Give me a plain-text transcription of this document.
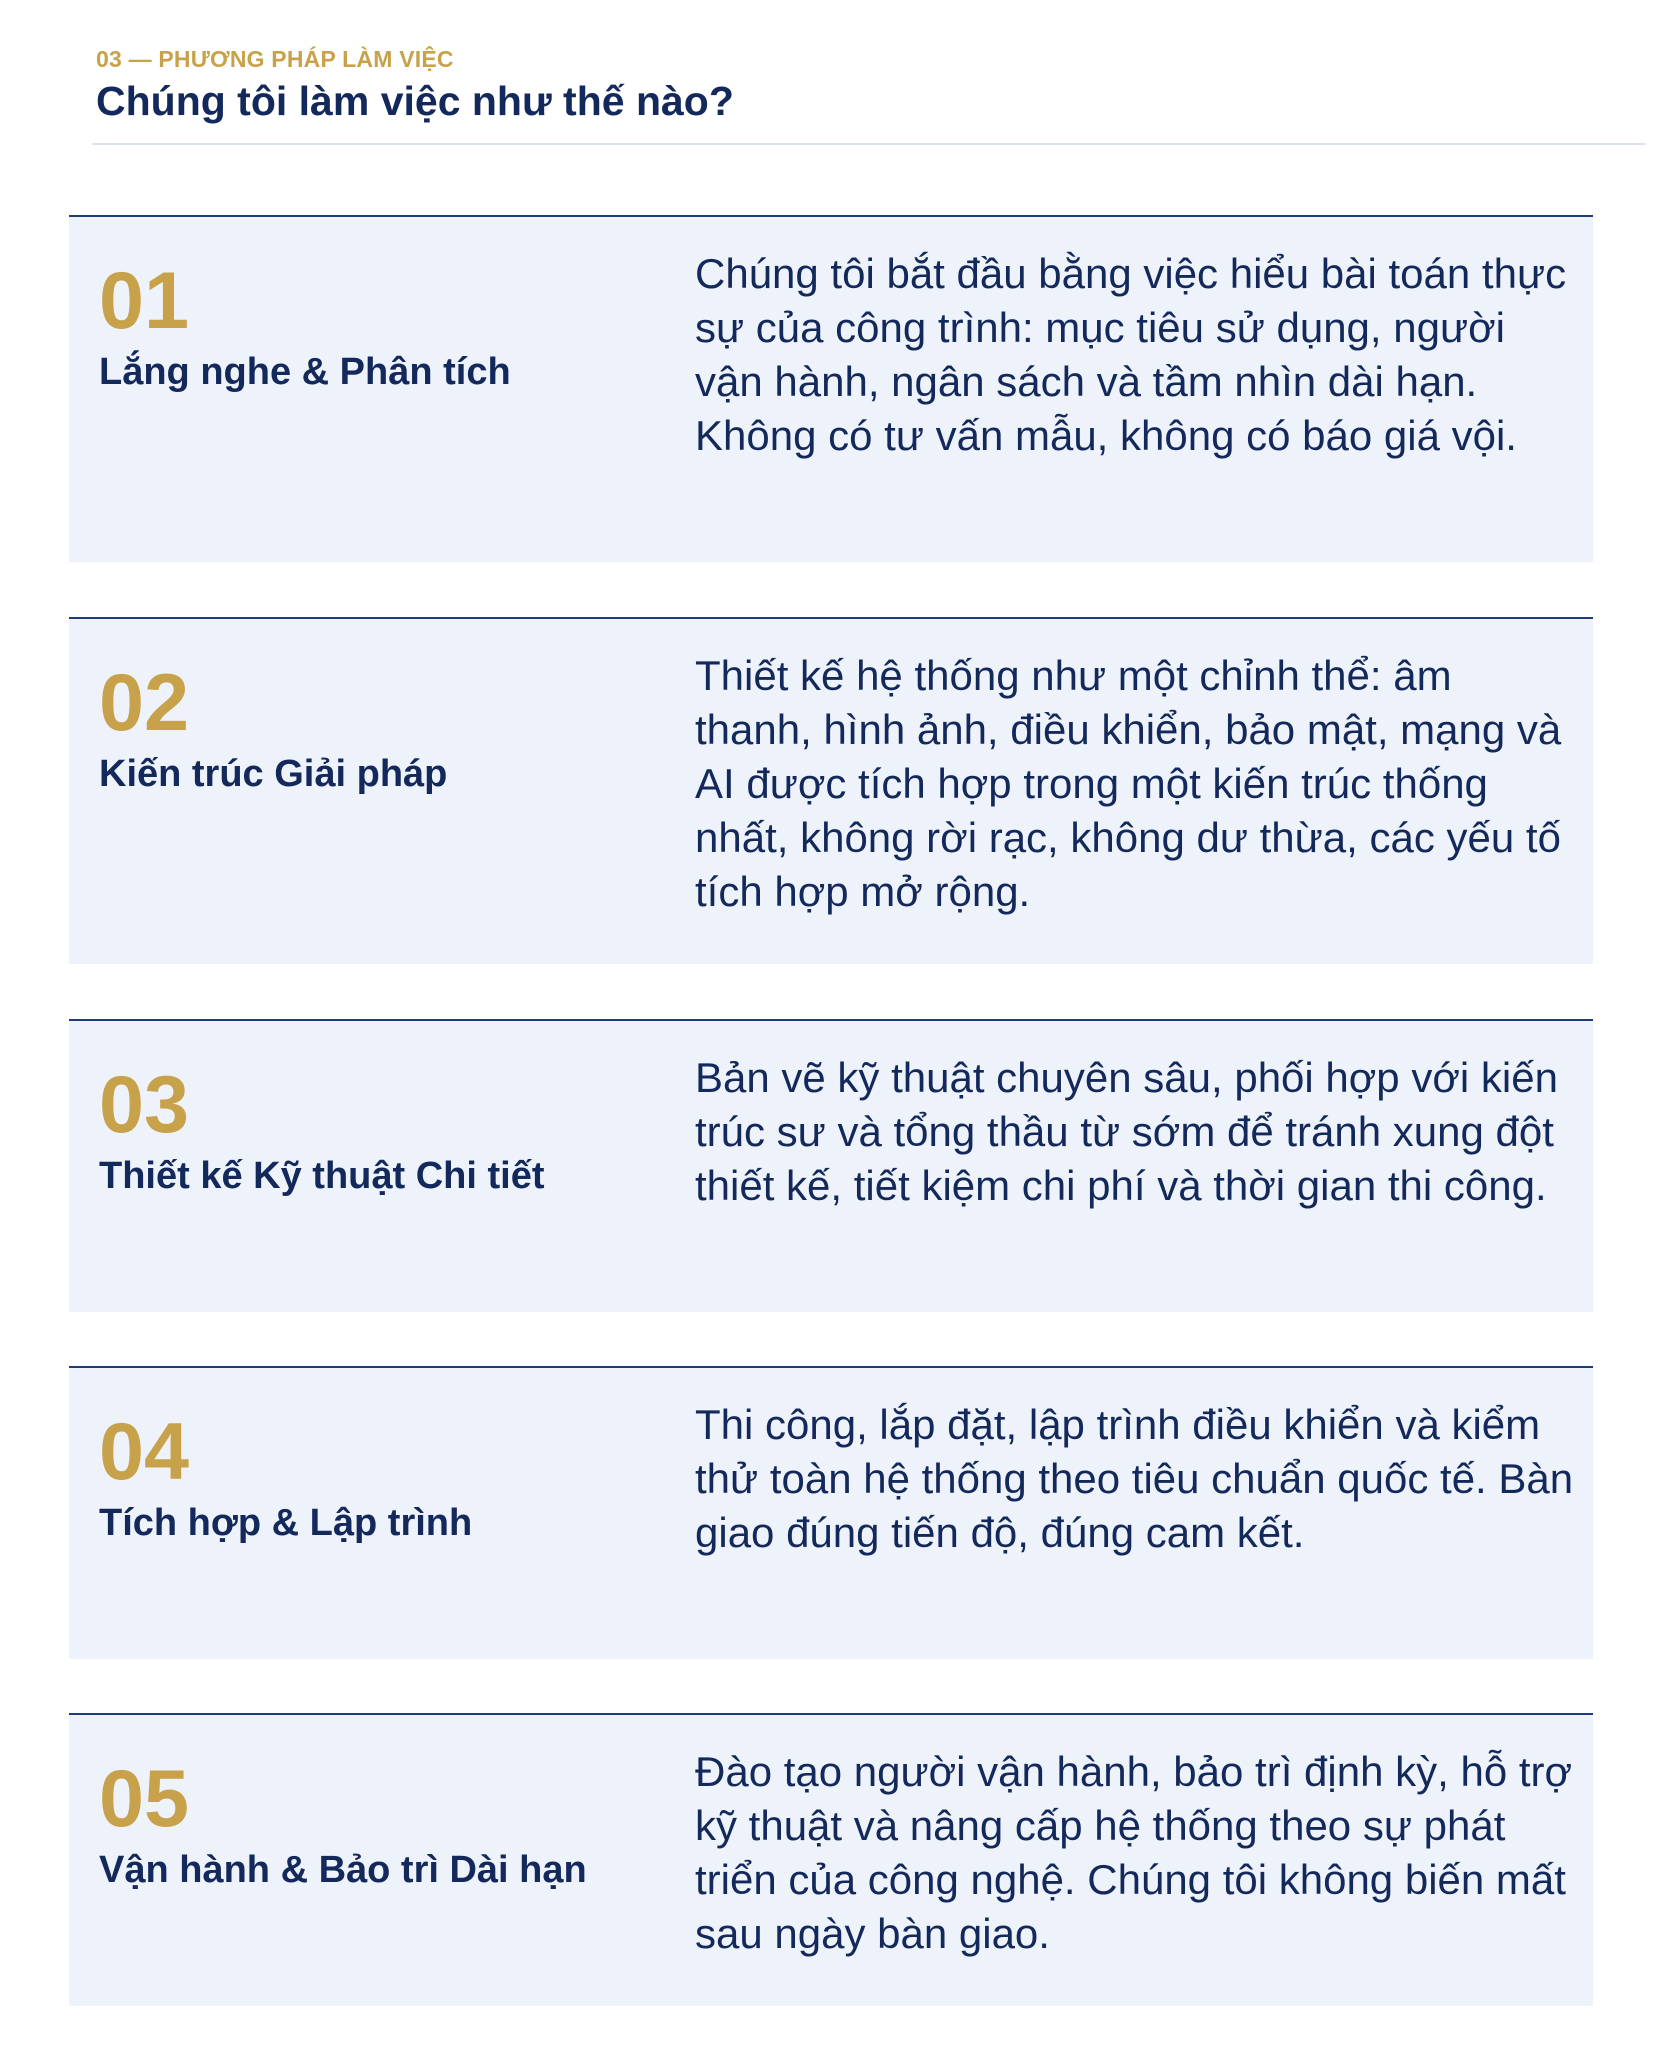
03 — PHƯƠNG PHÁP LÀM VIỆC
Chúng tôi làm việc như thế nào?
01
Lắng nghe & Phân tích
Chúng tôi bắt đầu bằng việc hiểu bài toán thực sự của công trình: mục tiêu sử dụng, người vận hành, ngân sách và tầm nhìn dài hạn. Không có tư vấn mẫu, không có báo giá vội.
02
Kiến trúc Giải pháp
Thiết kế hệ thống như một chỉnh thể: âm thanh, hình ảnh, điều khiển, bảo mật, mạng và AI được tích hợp trong một kiến trúc thống nhất, không rời rạc, không dư thừa, các yếu tố tích hợp mở rộng.
03
Thiết kế Kỹ thuật Chi tiết
Bản vẽ kỹ thuật chuyên sâu, phối hợp với kiến trúc sư và tổng thầu từ sớm để tránh xung đột thiết kế, tiết kiệm chi phí và thời gian thi công.
04
Tích hợp & Lập trình
Thi công, lắp đặt, lập trình điều khiển và kiểm thử toàn hệ thống theo tiêu chuẩn quốc tế. Bàn giao đúng tiến độ, đúng cam kết.
05
Vận hành & Bảo trì Dài hạn
Đào tạo người vận hành, bảo trì định kỳ, hỗ trợ kỹ thuật và nâng cấp hệ thống theo sự phát triển của công nghệ. Chúng tôi không biến mất sau ngày bàn giao.
